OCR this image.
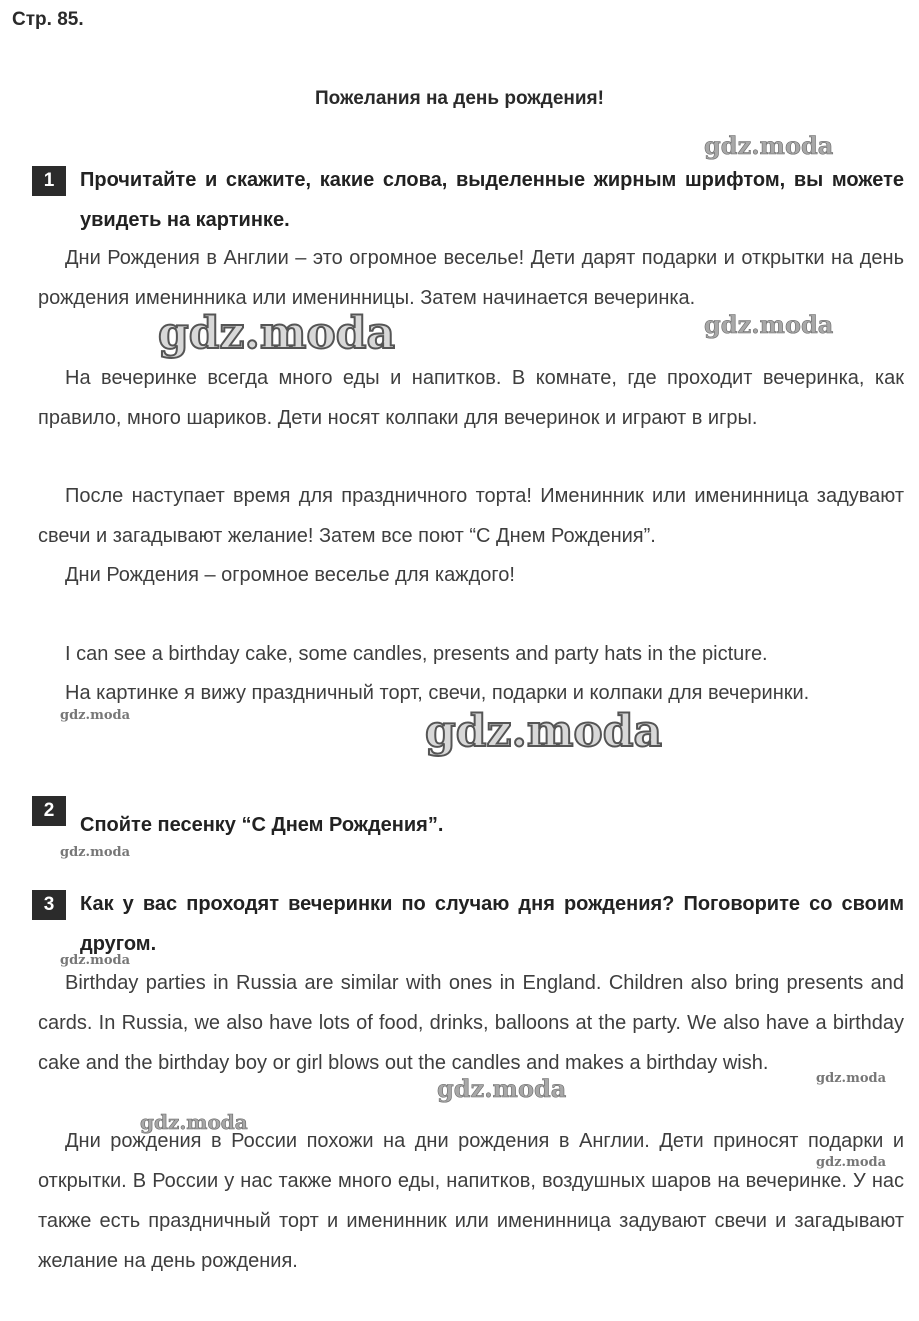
Стр. 85.
Пожелания на день рождения!
1	Прочитайте и скажите, какие слова, выделенные жирным шрифтом, вы можете увидеть на картинке.
Дни Рождения в Англии – это огромное веселье! Дети дарят подарки и открытки на день рождения именинника или именинницы. Затем начинается вечеринка.
На вечеринке всегда много еды и напитков. В комнате, где проходит вечеринка, как правило, много шариков. Дети носят колпаки для вечеринок и играют в игры.
После наступает время для праздничного торта! Именинник или именинница задувают свечи и загадывают желание! Затем все поют “С Днем Рождения”.
Дни Рождения – огромное веселье для каждого!
I can see a birthday cake, some candles, presents and party hats in the picture.
На картинке я вижу праздничный торт, свечи, подарки и колпаки для вечеринки.
2
Спойте песенку “С Днем Рождения”.
3	Как у вас проходят вечеринки по случаю дня рождения? Поговорите со своим другом.
Birthday parties in Russia are similar with ones in England. Children also bring presents and cards. In Russia, we also have lots of food, drinks, balloons at the party. We also have a birthday cake and the birthday boy or girl blows out the candles and makes a birthday wish.
Дни рождения в России похожи на дни рождения в Англии. Дети приносят подарки и открытки. В России у нас также много еды, напитков, воздушных шаров на вечеринке. У нас также есть праздничный торт и именинник или именинница задувают свечи и загадывают желание на день рождения.
gdz.moda
gdz.moda	gdz.moda
gdz.moda	gdz.moda
gdz.moda
gdz.moda
gdz.moda	gdz.moda
gdz.moda
gdz.moda
